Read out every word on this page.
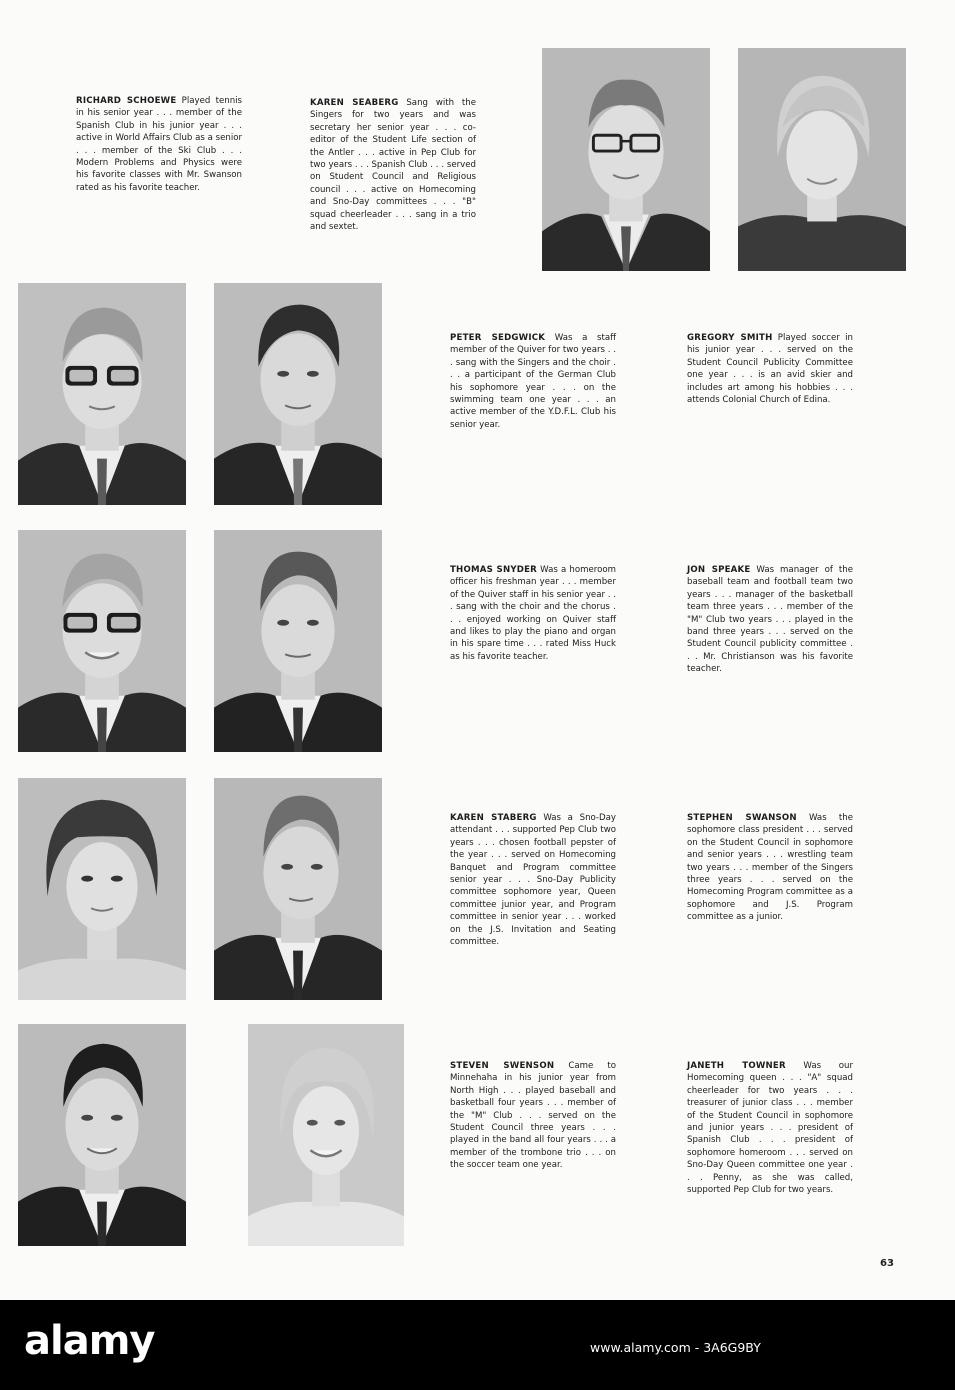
RICHARD SCHOEWE Played tennis in his senior year . . . member of the Spanish Club in his junior year . . . active in World Affairs Club as a senior . . . member of the Ski Club . . . Modern Problems and Physics were his favorite classes with Mr. Swanson rated as his favorite teacher.
KAREN SEABERG Sang with the Singers for two years and was secretary her senior year . . . co-editor of the Student Life section of the Antler . . . active in Pep Club for two years . . . Spanish Club . . . served on Student Council and Religious council . . . active on Homecoming and Sno-Day committees . . . "B" squad cheerleader . . . sang in a trio and sextet.
PETER SEDGWICK Was a staff member of the Quiver for two years . . . sang with the Singers and the choir . . . a participant of the German Club his sophomore year . . . on the swimming team one year . . . an active member of the Y.D.F.L. Club his senior year.
GREGORY SMITH Played soccer in his junior year . . . served on the Student Council Publicity Committee one year . . . is an avid skier and includes art among his hobbies . . . attends Colonial Church of Edina.
THOMAS SNYDER Was a homeroom officer his freshman year . . . member of the Quiver staff in his senior year . . . sang with the choir and the chorus . . . enjoyed working on Quiver staff and likes to play the piano and organ in his spare time . . . rated Miss Huck as his favorite teacher.
JON SPEAKE Was manager of the baseball team and football team two years . . . manager of the basketball team three years . . . member of the "M" Club two years . . . played in the band three years . . . served on the Student Council publicity committee . . . Mr. Christianson was his favorite teacher.
KAREN STABERG Was a Sno-Day attendant . . . supported Pep Club two years . . . chosen football pepster of the year . . . served on Homecoming Banquet and Program committee senior year . . . Sno-Day Publicity committee sophomore year, Queen committee junior year, and Program committee in senior year . . . worked on the J.S. Invitation and Seating committee.
STEPHEN SWANSON Was the sophomore class president . . . served on the Student Council in sophomore and senior years . . . wrestling team two years . . . member of the Singers three years . . . served on the Homecoming Program committee as a sophomore and J.S. Program committee as a junior.
STEVEN SWENSON Came to Minnehaha in his junior year from North High . . . played baseball and basketball four years . . . member of the "M" Club . . . served on the Student Council three years . . . played in the band all four years . . . a member of the trombone trio . . . on the soccer team one year.
JANETH TOWNER Was our Homecoming queen . . . "A" squad cheerleader for two years . . . treasurer of junior class . . . member of the Student Council in sophomore and junior years . . . president of Spanish Club . . . president of sophomore homeroom . . . served on Sno-Day Queen committee one year . . . Penny, as she was called, supported Pep Club for two years.
63
alamy	www.alamy.com - 3A6G9BY
